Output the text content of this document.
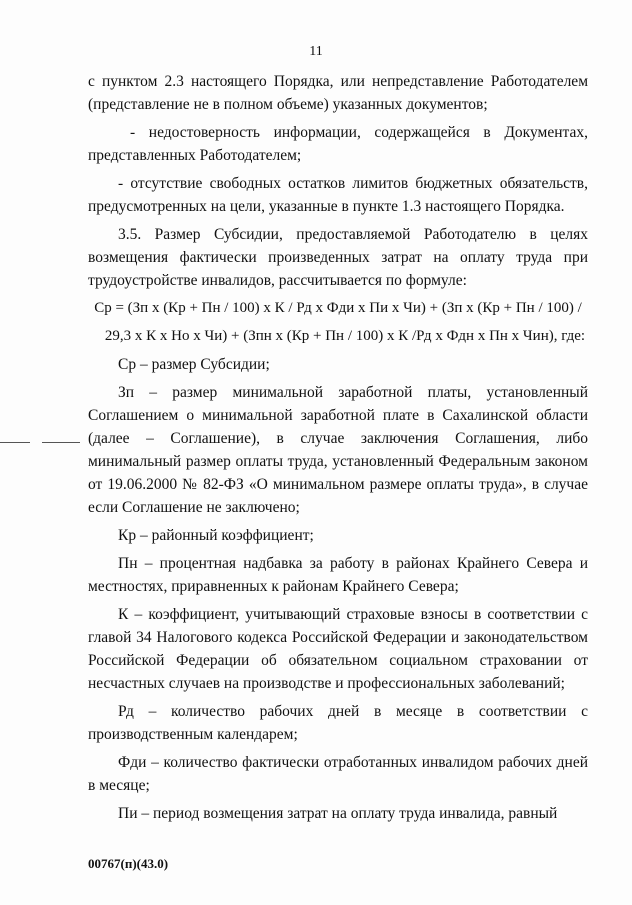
11

с пунктом 2.3 настоящего Порядка, или непредставление Работодателем (представление не в полном объеме) указанных документов;

- недостоверность информации, содержащейся в Документах, представленных Работодателем;

- отсутствие свободных остатков лимитов бюджетных обязательств, предусмотренных на цели, указанные в пункте 1.3 настоящего Порядка.

3.5. Размер Субсидии, предоставляемой Работодателю в целях возмещения фактически произведенных затрат на оплату труда при трудоустройстве инвалидов, рассчитывается по формуле:

Ср = (Зп х (Кр + Пн / 100) х К / Рд х Фди х Пи х Чи) + (Зп х (Кр + Пн / 100) /
29,3 х К х Но х Чи) + (Зпн х (Кр + Пн / 100) х К /Рд х Фдн х Пн х Чин), где:

Ср – размер Субсидии;

Зп – размер минимальной заработной платы, установленный Соглашением о минимальной заработной плате в Сахалинской области (далее – Соглашение), в случае заключения Соглашения, либо минимальный размер оплаты труда, установленный Федеральным законом от 19.06.2000 № 82-ФЗ «О минимальном размере оплаты труда», в случае если Соглашение не заключено;

Кр – районный коэффициент;

Пн – процентная надбавка за работу в районах Крайнего Севера и местностях, приравненных к районам Крайнего Севера;

К – коэффициент, учитывающий страховые взносы в соответствии с главой 34 Налогового кодекса Российской Федерации и законодательством Российской Федерации об обязательном социальном страховании от несчастных случаев на производстве и профессиональных заболеваний;

Рд – количество рабочих дней в месяце в соответствии с производственным календарем;

Фди – количество фактически отработанных инвалидом рабочих дней в месяце;

Пи – период возмещения затрат на оплату труда инвалида, равный

00767(п)(43.0)
